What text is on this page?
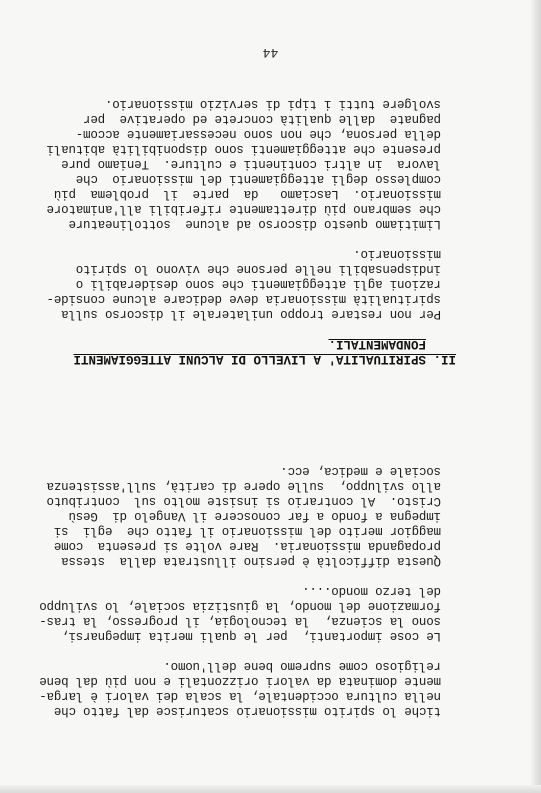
tiche lo spirito missionario scaturisce dal fatto che
nella cultura occidentale, la scala dei valori è larga-
mente dominata da valori orizzontali e non più dal bene
religioso come supremo bene dell'uomo.

Le cose importanti,  per le quali merita impegnarsi,
sono la scienza,  la tecnologia, il progresso, la tras-
formazione del mondo, la giustizia sociale, lo sviluppo
del terzo mondo....

Questa difficoltà è persino illustrata dalla  stessa
propaganda missionaria.  Rare volte si presenta  come
maggior merito del missionario il fatto che  egli  si
impegna a fondo a far conoscere il Vangelo di  Gesù
Cristo.  Al contrario si insiste molto sul  contributo
allo sviluppo,  sulle opere di carità, sull'assistenza
sociale e medica, ecc.
II. SPIRITUALITA' A LIVELLO DI ALCUNI ATTEGGIAMENTI
FONDAMENTALI.
Per non restare troppo unilaterale il discorso sulla
spiritualità missionaria deve dedicare alcune conside-
razioni agli atteggiamenti che sono desiderabili o
indispensabili nelle persone che vivono lo spirito
missionario.

Limitiamo questo discorso ad alcune  sottolineature
che sembrano più direttamente riferibili all'animatore
missionario.  Lasciamo   da  parte  il  problema  più
complesso degli atteggiamenti del missionario  che
lavora  in altri continenti e culture.  Teniamo pure
presente che atteggiamenti sono disponibilità abituali
della persona, che non sono necessariamente accom-
pagnate  dalle qualità concrete ed operative  per
svolgere tutti i tipi di servizio missionario.
44
